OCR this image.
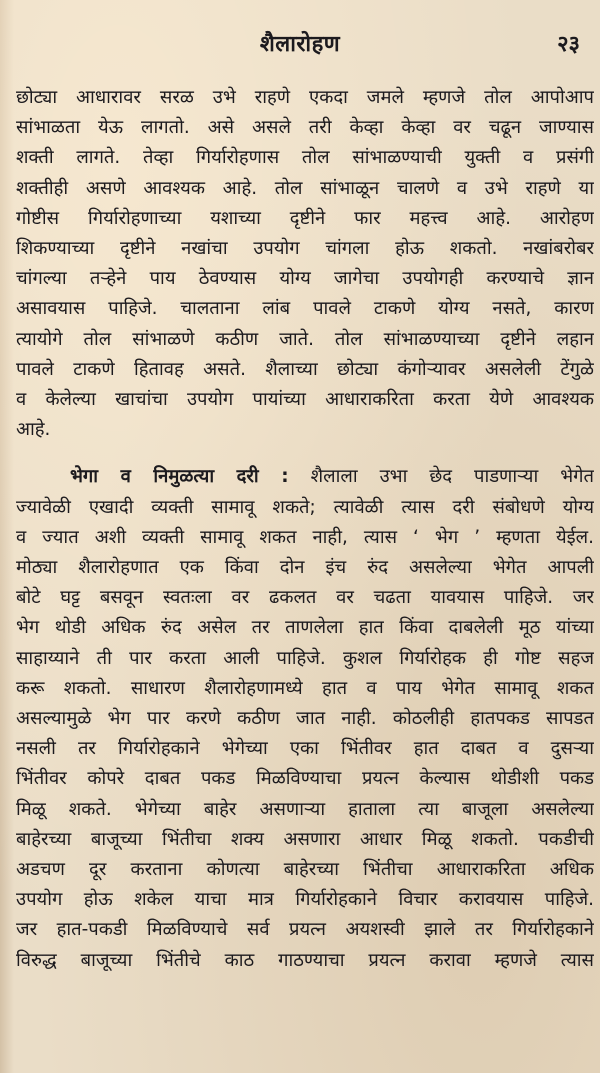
शैलारोहण	२३
छोट्या आधारावर सरळ उभे राहणे एकदा जमले म्हणजे तोल आपोआप
सांभाळता येऊ लागतो. असे असले तरी केव्हा केव्हा वर चढून जाण्यास
शक्ती लागते. तेव्हा गिर्यारोहणास तोल सांभाळण्याची युक्ती व प्रसंगी
शक्तीही असणे आवश्यक आहे. तोल सांभाळून चालणे व उभे राहणे या
गोष्टीस गिर्यारोहणाच्या यशाच्या दृष्टीने फार महत्त्व आहे. आरोहण
शिकण्याच्या दृष्टीने नखांचा उपयोग चांगला होऊ शकतो. नखांबरोबर
चांगल्या तऱ्हेने पाय ठेवण्यास योग्य जागेचा उपयोगही करण्याचे ज्ञान
असावयास पाहिजे. चालताना लांब पावले टाकणे योग्य नसते, कारण
त्यायोगे तोल सांभाळणे कठीण जाते. तोल सांभाळण्याच्या दृष्टीने लहान
पावले टाकणे हितावह असते. शैलाच्या छोट्या कंगोऱ्यावर असलेली टेंगुळे
व केलेल्या खाचांचा उपयोग पायांच्या आधाराकरिता करता येणे आवश्यक
आहे.
भेगा व निमुळत्या दरी : शैलाला उभा छेद पाडणाऱ्या भेगेत
ज्यावेळी एखादी व्यक्ती सामावू शकते; त्यावेळी त्यास दरी संबोधणे योग्य
व ज्यात अशी व्यक्ती सामावू शकत नाही, त्यास ‘ भेग ’ म्हणता येईल.
मोठ्या शैलारोहणात एक किंवा दोन इंच रुंद असलेल्या भेगेत आपली
बोटे घट्ट बसवून स्वतःला वर ढकलत वर चढता यावयास पाहिजे. जर
भेग थोडी अधिक रुंद असेल तर ताणलेला हात किंवा दाबलेली मूठ यांच्या
साहाय्याने ती पार करता आली पाहिजे. कुशल गिर्यारोहक ही गोष्ट सहज
करू शकतो. साधारण शैलारोहणामध्ये हात व पाय भेगेत सामावू शकत
असल्यामुळे भेग पार करणे कठीण जात नाही. कोठलीही हातपकड सापडत
नसली तर गिर्यारोहकाने भेगेच्या एका भिंतीवर हात दाबत व दुसऱ्या
भिंतीवर कोपरे दाबत पकड मिळविण्याचा प्रयत्न केल्यास थोडीशी पकड
मिळू शकते. भेगेच्या बाहेर असणाऱ्या हाताला त्या बाजूला असलेल्या
बाहेरच्या बाजूच्या भिंतीचा शक्य असणारा आधार मिळू शकतो. पकडीची
अडचण दूर करताना कोणत्या बाहेरच्या भिंतीचा आधाराकरिता अधिक
उपयोग होऊ शकेल याचा मात्र गिर्यारोहकाने विचार करावयास पाहिजे.
जर हात-पकडी मिळविण्याचे सर्व प्रयत्न अयशस्वी झाले तर गिर्यारोहकाने
विरुद्ध बाजूच्या भिंतीचे काठ गाठण्याचा प्रयत्न करावा म्हणजे त्यास
